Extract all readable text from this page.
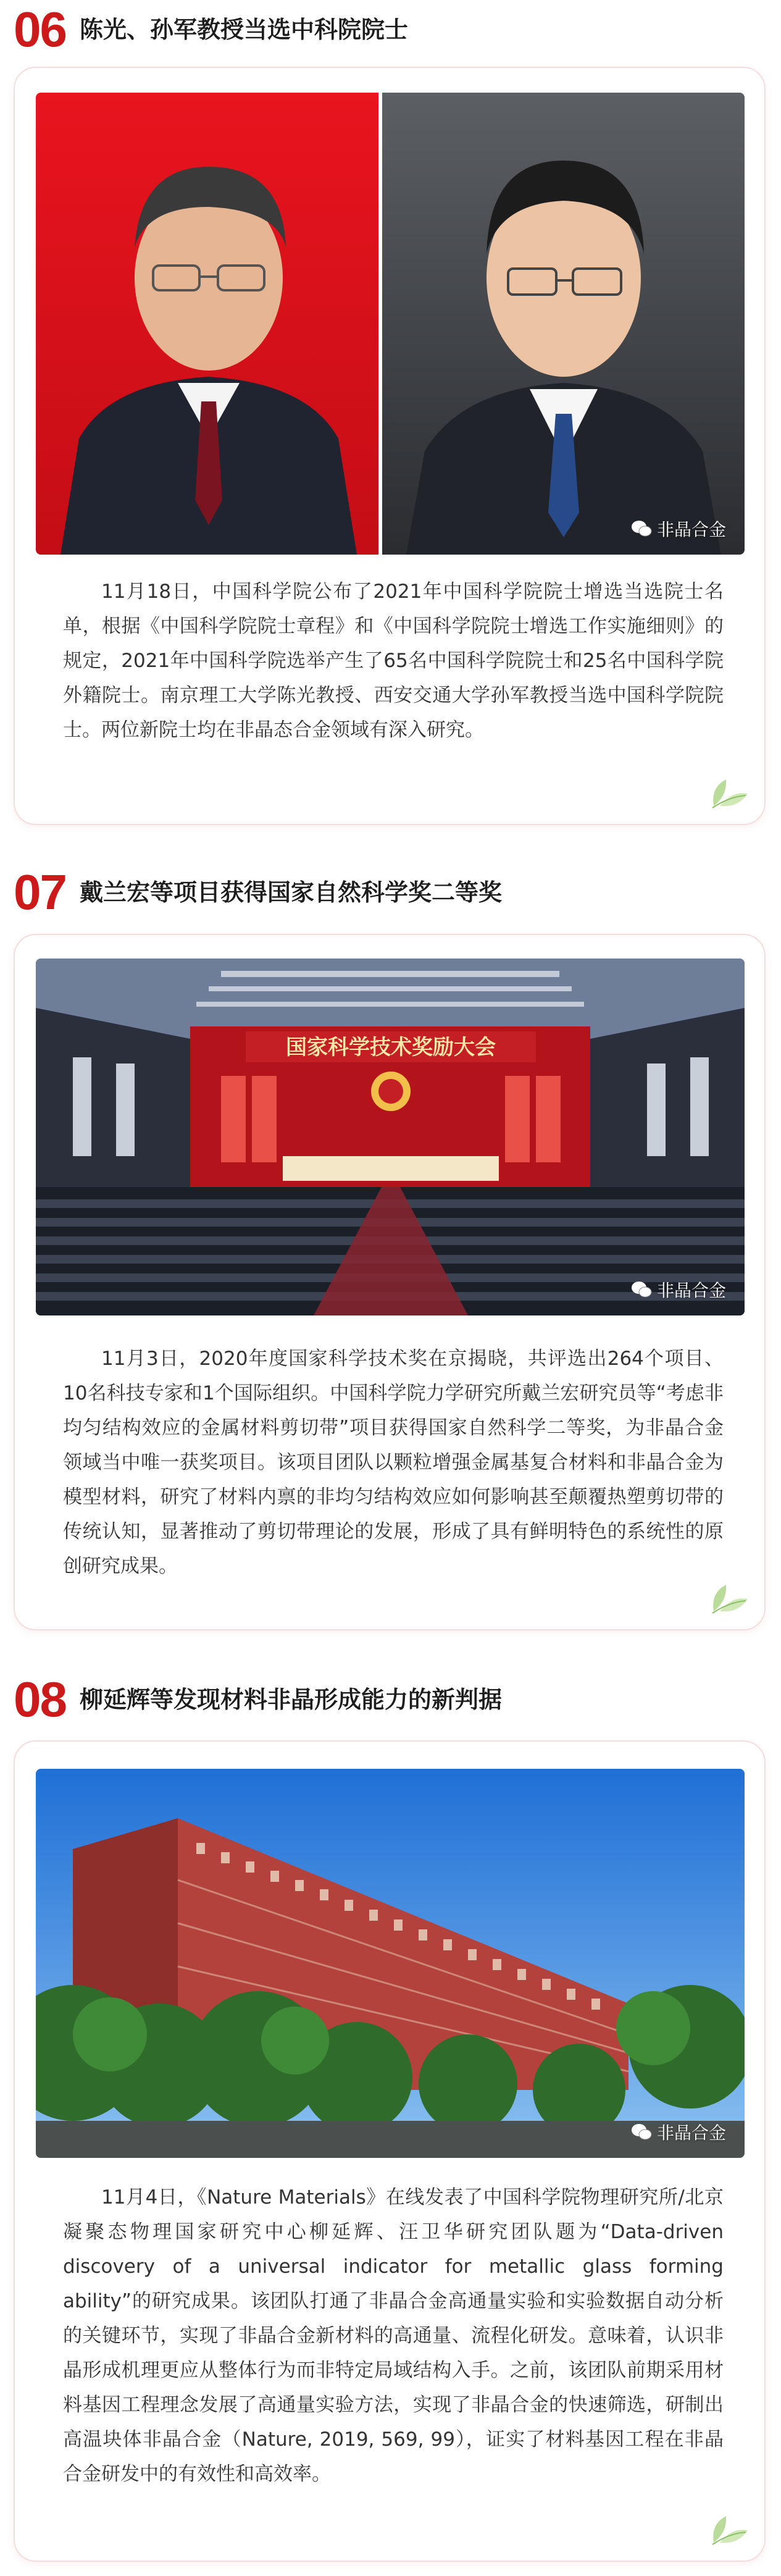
06 陈光、孙军教授当选中科院院士
非晶合金

11月18日，中国科学院公布了2021年中国科学院院士增选当选院士名单，根据《中国科学院院士章程》和《中国科学院院士增选工作实施细则》的规定，2021年中国科学院选举产生了65名中国科学院院士和25名中国科学院外籍院士。南京理工大学陈光教授、西安交通大学孙军教授当选中国科学院院士。两位新院士均在非晶态合金领域有深入研究。

07 戴兰宏等项目获得国家自然科学奖二等奖
国家科学技术奖励大会
非晶合金

11月3日，2020年度国家科学技术奖在京揭晓，共评选出264个项目、10名科技专家和1个国际组织。中国科学院力学研究所戴兰宏研究员等“考虑非均匀结构效应的金属材料剪切带”项目获得国家自然科学二等奖，为非晶合金领域当中唯一获奖项目。该项目团队以颗粒增强金属基复合材料和非晶合金为模型材料，研究了材料内禀的非均匀结构效应如何影响甚至颠覆热塑剪切带的传统认知，显著推动了剪切带理论的发展，形成了具有鲜明特色的系统性的原创研究成果。

08 柳延辉等发现材料非晶形成能力的新判据
非晶合金

11月4日，《Nature Materials》在线发表了中国科学院物理研究所/北京凝聚态物理国家研究中心柳延辉、汪卫华研究团队题为“Data-driven discovery of a universal indicator for metallic glass forming ability”的研究成果。该团队打通了非晶合金高通量实验和实验数据自动分析的关键环节，实现了非晶合金新材料的高通量、流程化研发。意味着，认识非晶形成机理更应从整体行为而非特定局域结构入手。之前，该团队前期采用材料基因工程理念发展了高通量实验方法，实现了非晶合金的快速筛选，研制出高温块体非晶合金（Nature, 2019, 569, 99），证实了材料基因工程在非晶合金研发中的有效性和高效率。
